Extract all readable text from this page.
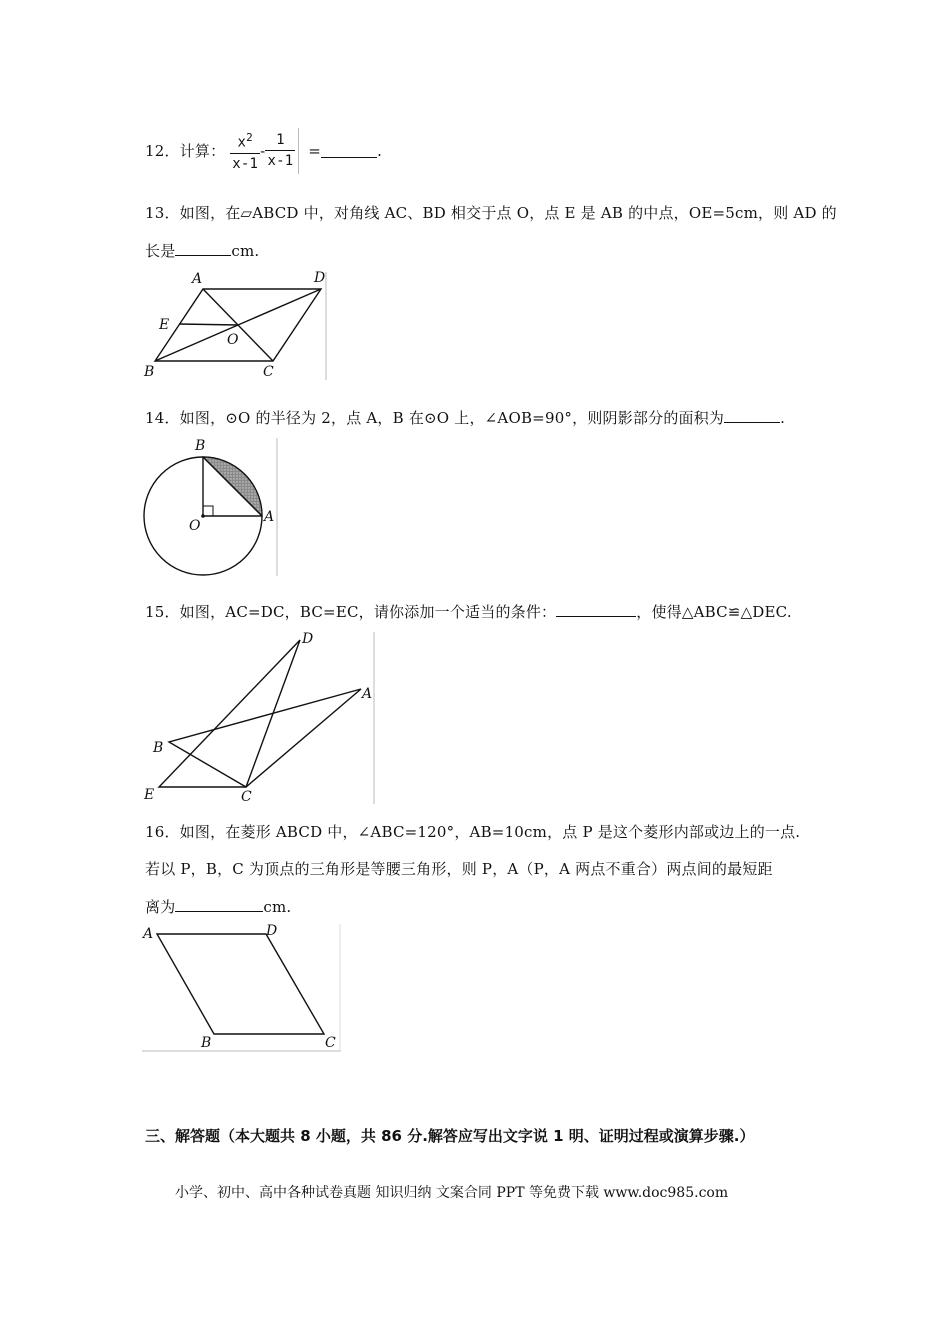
12．计算： $\frac{x^2}{x-1} - \frac{1}{x-1}$ =	.
13．如图，在▱ABCD 中，对角线 AC、BD 相交于点 O，点 E 是 AB 的中点，OE=5cm，则 AD 的
长是	cm.
A	D
E
O
B	C
14．如图，⊙O 的半径为 2，点 A，B 在⊙O 上，∠AOB=90°，则阴影部分的面积为	.
B
O
A
15．如图，AC=DC，BC=EC，请你添加一个适当的条件：	，使得△ABC≌△DEC.
D
A
B
E	C
16．如图，在菱形 ABCD 中，∠ABC=120°，AB=10cm，点 P 是这个菱形内部或边上的一点.
若以 P，B，C 为顶点的三角形是等腰三角形，则 P，A（P，A 两点不重合）两点间的最短距
离为	cm.
A	D
B	C
三、解答题（本大题共 8 小题，共 86 分.解答应写出文字说 1 明、证明过程或演算步骤.）
小学、初中、高中各种试卷真题 知识归纳 文案合同 PPT 等免费下载 www.doc985.com
